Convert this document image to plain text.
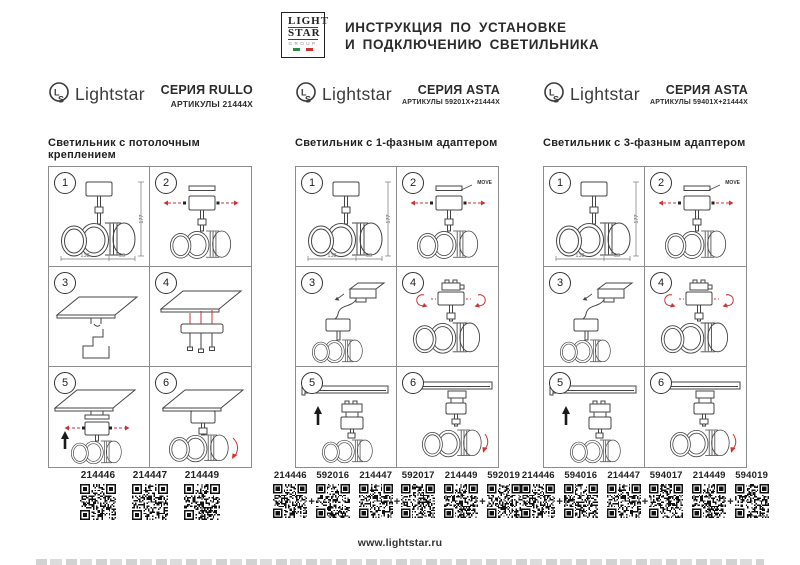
LIGHT
STAR
GROUP
ИНСТРУКЦИЯ ПО УСТАНОВКЕ
И ПОДКЛЮЧЕНИЮ СВЕТИЛЬНИКА
L
S Lightstar СЕРИЯ RULLO
АРТИКУЛЫ 21444X
Светильник с потолочным креплением
1
138	90
177
2
3	4
5	6
214446 214447 214449
L
S Lightstar	СЕРИЯ ASTA
АРТИКУЛЫ 59201X+21444X
Светильник с 1-фазным адаптером
1
138	90
177
2	MOVE
3	4
5	6
214446
+
592016 214447
+
592017 214449
+
592019
L
S Lightstar	СЕРИЯ ASTA
АРТИКУЛЫ 59401X+21444X
Светильник с 3-фазным адаптером
1
138	90
177
2	MOVE
3	4
5	6
214446
+
594016 214447
+
594017 214449
+
594019
www.lightstar.ru
